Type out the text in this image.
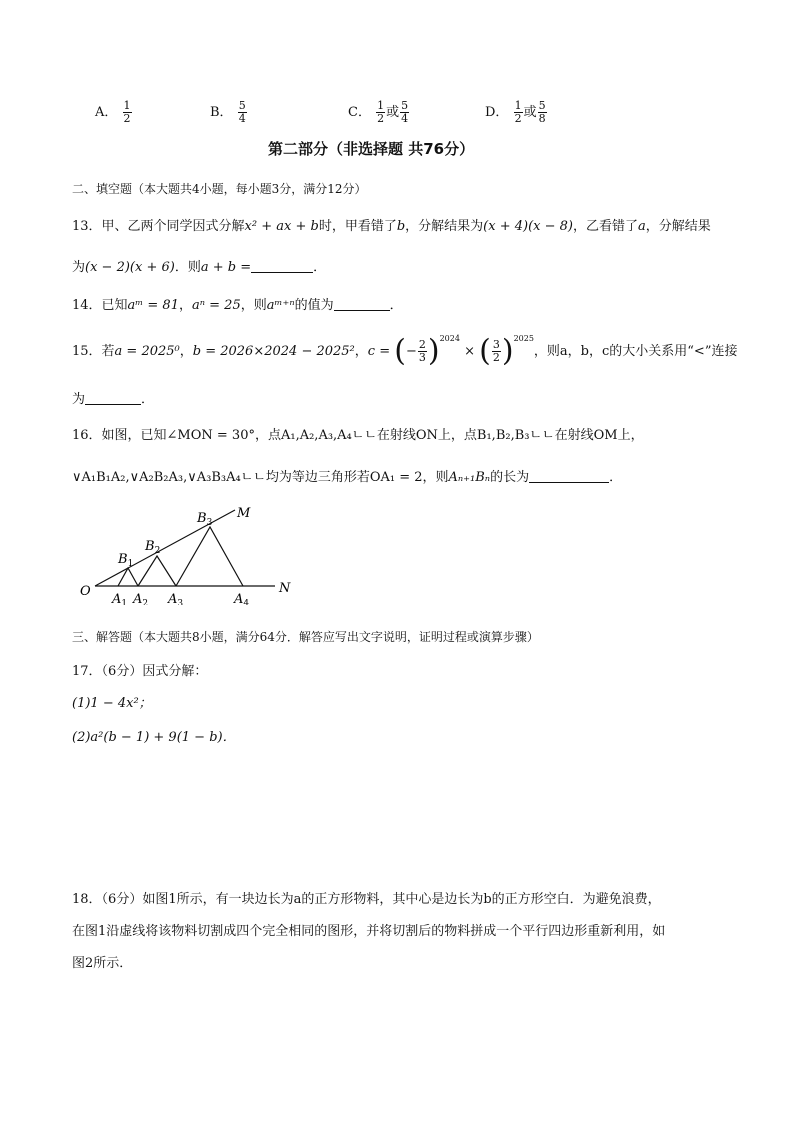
A． $\frac{1}{2}$	B． $\frac{5}{4}$	C． $\frac{1}{2}$ 或 $\frac{5}{4}$	D． $\frac{1}{2}$ 或 $\frac{5}{8}$
第二部分（非选择题 共76分）
二、填空题（本大题共4小题，每小题3分，满分12分）
13．甲、乙两个同学因式分解x² + ax + b时，甲看错了b，分解结果为(x + 4)(x − 8)，乙看错了a，分解结果
为(x − 2)(x + 6)．则a + b =	．
14．已知aᵐ = 81，aⁿ = 25，则aᵐ⁺ⁿ的值为	．
15．若a = 2025⁰，b = 2026×2024 − 2025²，c = (− $\frac{2}{3} )^{2024}$ × ( $\frac{3}{2} )^{2025}$，则a，b，c的大小关系用“<”连接
为	．
16．如图，已知∠MON = 30°，点A₁,A₂,A₃,A₄ㄴㄴ在射线ON上，点B₁,B₂,B₃ㄴㄴ在射线OM上，
∨A₁B₁A₂,∨A₂B₂A₃,∨A₃B₃A₄ㄴㄴ均为等边三角形若OA₁ = 2，则Aₙ₊₁Bₙ的长为	．
O	N
M
$A_1$ $A_2$ $A_3$	$A_4$
$B_1$
$B_2$
$B_3$
三、解答题（本大题共8小题，满分64分．解答应写出文字说明，证明过程或演算步骤）
17．（6分）因式分解：
(1)1 − 4x²；
(2)a²(b − 1) + 9(1 − b)．
18．（6分）如图1所示，有一块边长为a的正方形物料，其中心是边长为b的正方形空白．为避免浪费，
在图1沿虚线将该物料切割成四个完全相同的图形，并将切割后的物料拼成一个平行四边形重新利用，如
图2所示．
